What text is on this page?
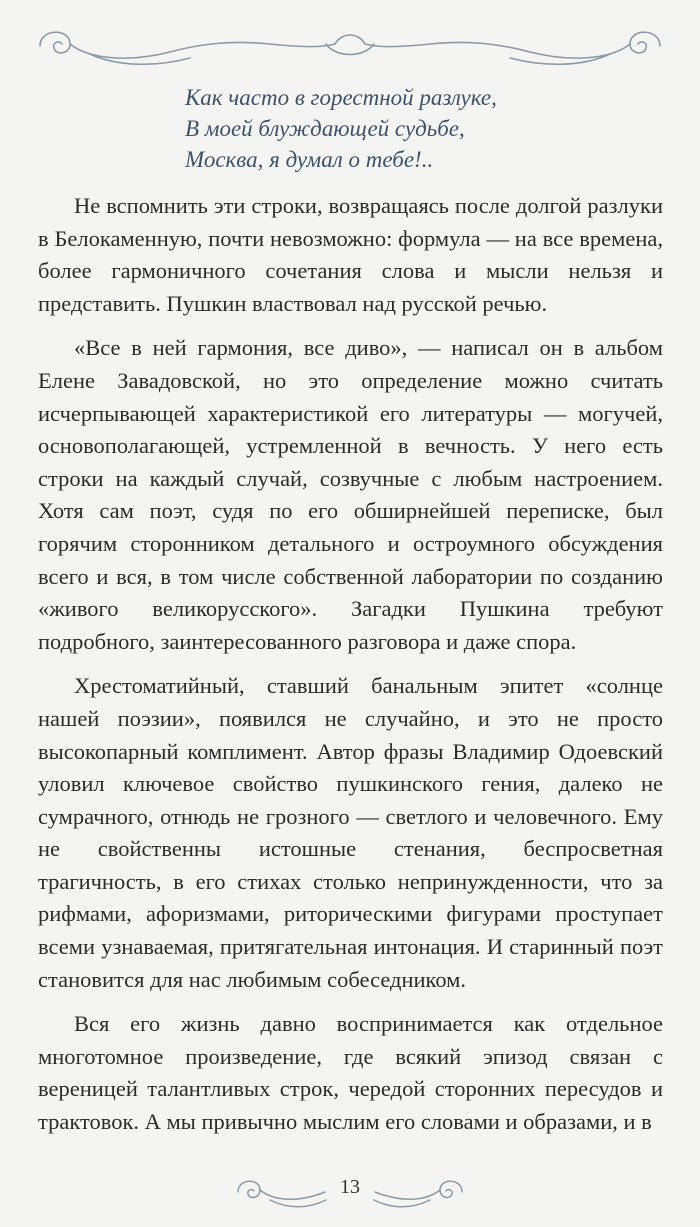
Как часто в горестной разлуке,
В моей блуждающей судьбе,
Москва, я думал о тебе!..

Не вспомнить эти строки, возвращаясь после долгой разлуки в Белокаменную, почти невозможно: формула — на все времена, более гармоничного сочетания слова и мысли нельзя и представить. Пушкин властвовал над русской речью.

«Все в ней гармония, все диво», — написал он в альбом Елене Завадовской, но это определение можно считать исчерпывающей характеристикой его литературы — могучей, основополагающей, устремленной в вечность. У него есть строки на каждый случай, созвучные с любым настроением. Хотя сам поэт, судя по его обширнейшей переписке, был горячим сторонником детального и остроумного обсуждения всего и вся, в том числе собственной лаборатории по созданию «живого великорусского». Загадки Пушкина требуют подробного, заинтересованного разговора и даже спора.

Хрестоматийный, ставший банальным эпитет «солнце нашей поэзии», появился не случайно, и это не просто высокопарный комплимент. Автор фразы Владимир Одоевский уловил ключевое свойство пушкинского гения, далеко не сумрачного, отнюдь не грозного — светлого и человечного. Ему не свойственны истошные стенания, беспросветная трагичность, в его стихах столько непринужденности, что за рифмами, афоризмами, риторическими фигурами проступает всеми узнаваемая, притягательная интонация. И старинный поэт становится для нас любимым собеседником.

Вся его жизнь давно воспринимается как отдельное многотомное произведение, где всякий эпизод связан с вереницей талантливых строк, чередой сторонних пересудов и трактовок. А мы привычно мыслим его словами и образами, и в

13
